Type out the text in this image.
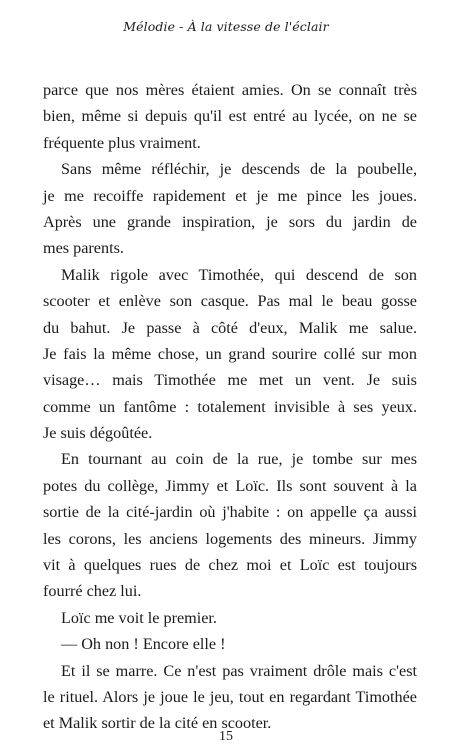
Mélodie - À la vitesse de l'éclair
parce que nos mères étaient amies. On se connaît très
bien, même si depuis qu'il est entré au lycée, on ne se
fréquente plus vraiment.
Sans même réfléchir, je descends de la poubelle,
je me recoiffe rapidement et je me pince les joues.
Après une grande inspiration, je sors du jardin de
mes parents.
Malik rigole avec Timothée, qui descend de son
scooter et enlève son casque. Pas mal le beau gosse
du bahut. Je passe à côté d'eux, Malik me salue.
Je fais la même chose, un grand sourire collé sur mon
visage… mais Timothée me met un vent. Je suis
comme un fantôme : totalement invisible à ses yeux.
Je suis dégoûtée.
En tournant au coin de la rue, je tombe sur mes
potes du collège, Jimmy et Loïc. Ils sont souvent à la
sortie de la cité-jardin où j'habite : on appelle ça aussi
les corons, les anciens logements des mineurs. Jimmy
vit à quelques rues de chez moi et Loïc est toujours
fourré chez lui.
Loïc me voit le premier.
— Oh non ! Encore elle !
Et il se marre. Ce n'est pas vraiment drôle mais c'est
le rituel. Alors je joue le jeu, tout en regardant Timothée
et Malik sortir de la cité en scooter.
15
